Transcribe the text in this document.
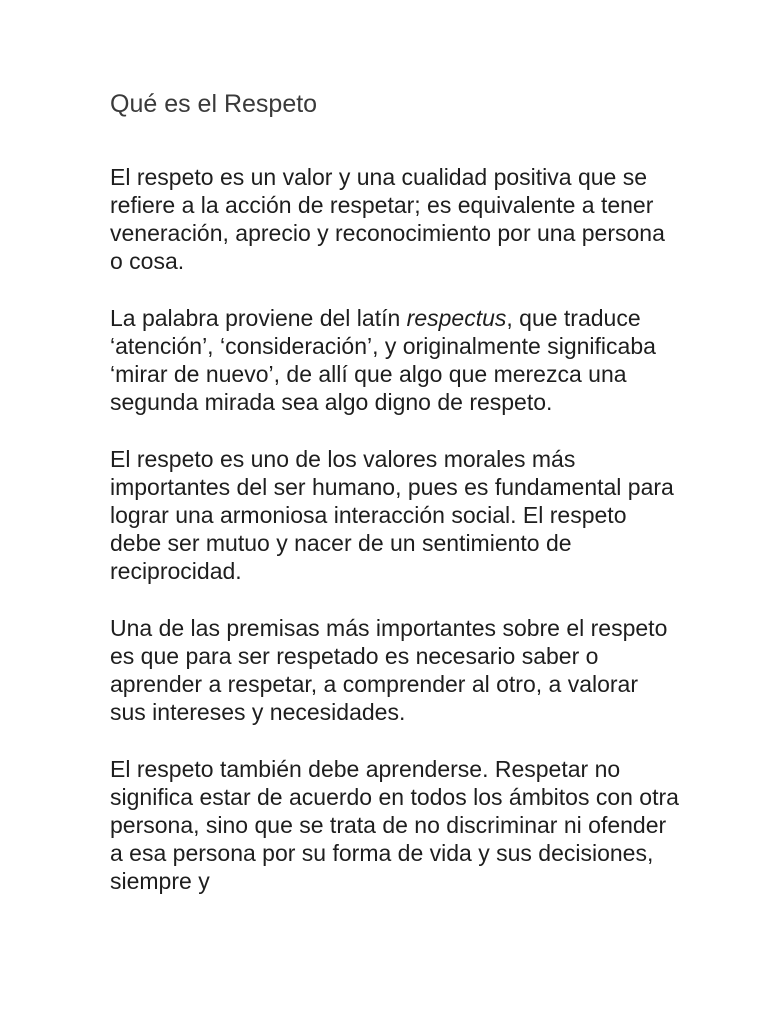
Qué es el Respeto

El respeto es un valor y una cualidad positiva que se refiere a la acción de respetar; es equivalente a tener veneración, aprecio y reconocimiento por una persona o cosa.

La palabra proviene del latín respectus, que traduce ‘atención’, ‘consideración’, y originalmente significaba ‘mirar de nuevo’, de allí que algo que merezca una segunda mirada sea algo digno de respeto.

El respeto es uno de los valores morales más importantes del ser humano, pues es fundamental para lograr una armoniosa interacción social. El respeto debe ser mutuo y nacer de un sentimiento de reciprocidad.

Una de las premisas más importantes sobre el respeto es que para ser respetado es necesario saber o aprender a respetar, a comprender al otro, a valorar sus intereses y necesidades.

El respeto también debe aprenderse. Respetar no significa estar de acuerdo en todos los ámbitos con otra persona, sino que se trata de no discriminar ni ofender a esa persona por su forma de vida y sus decisiones, siempre y
